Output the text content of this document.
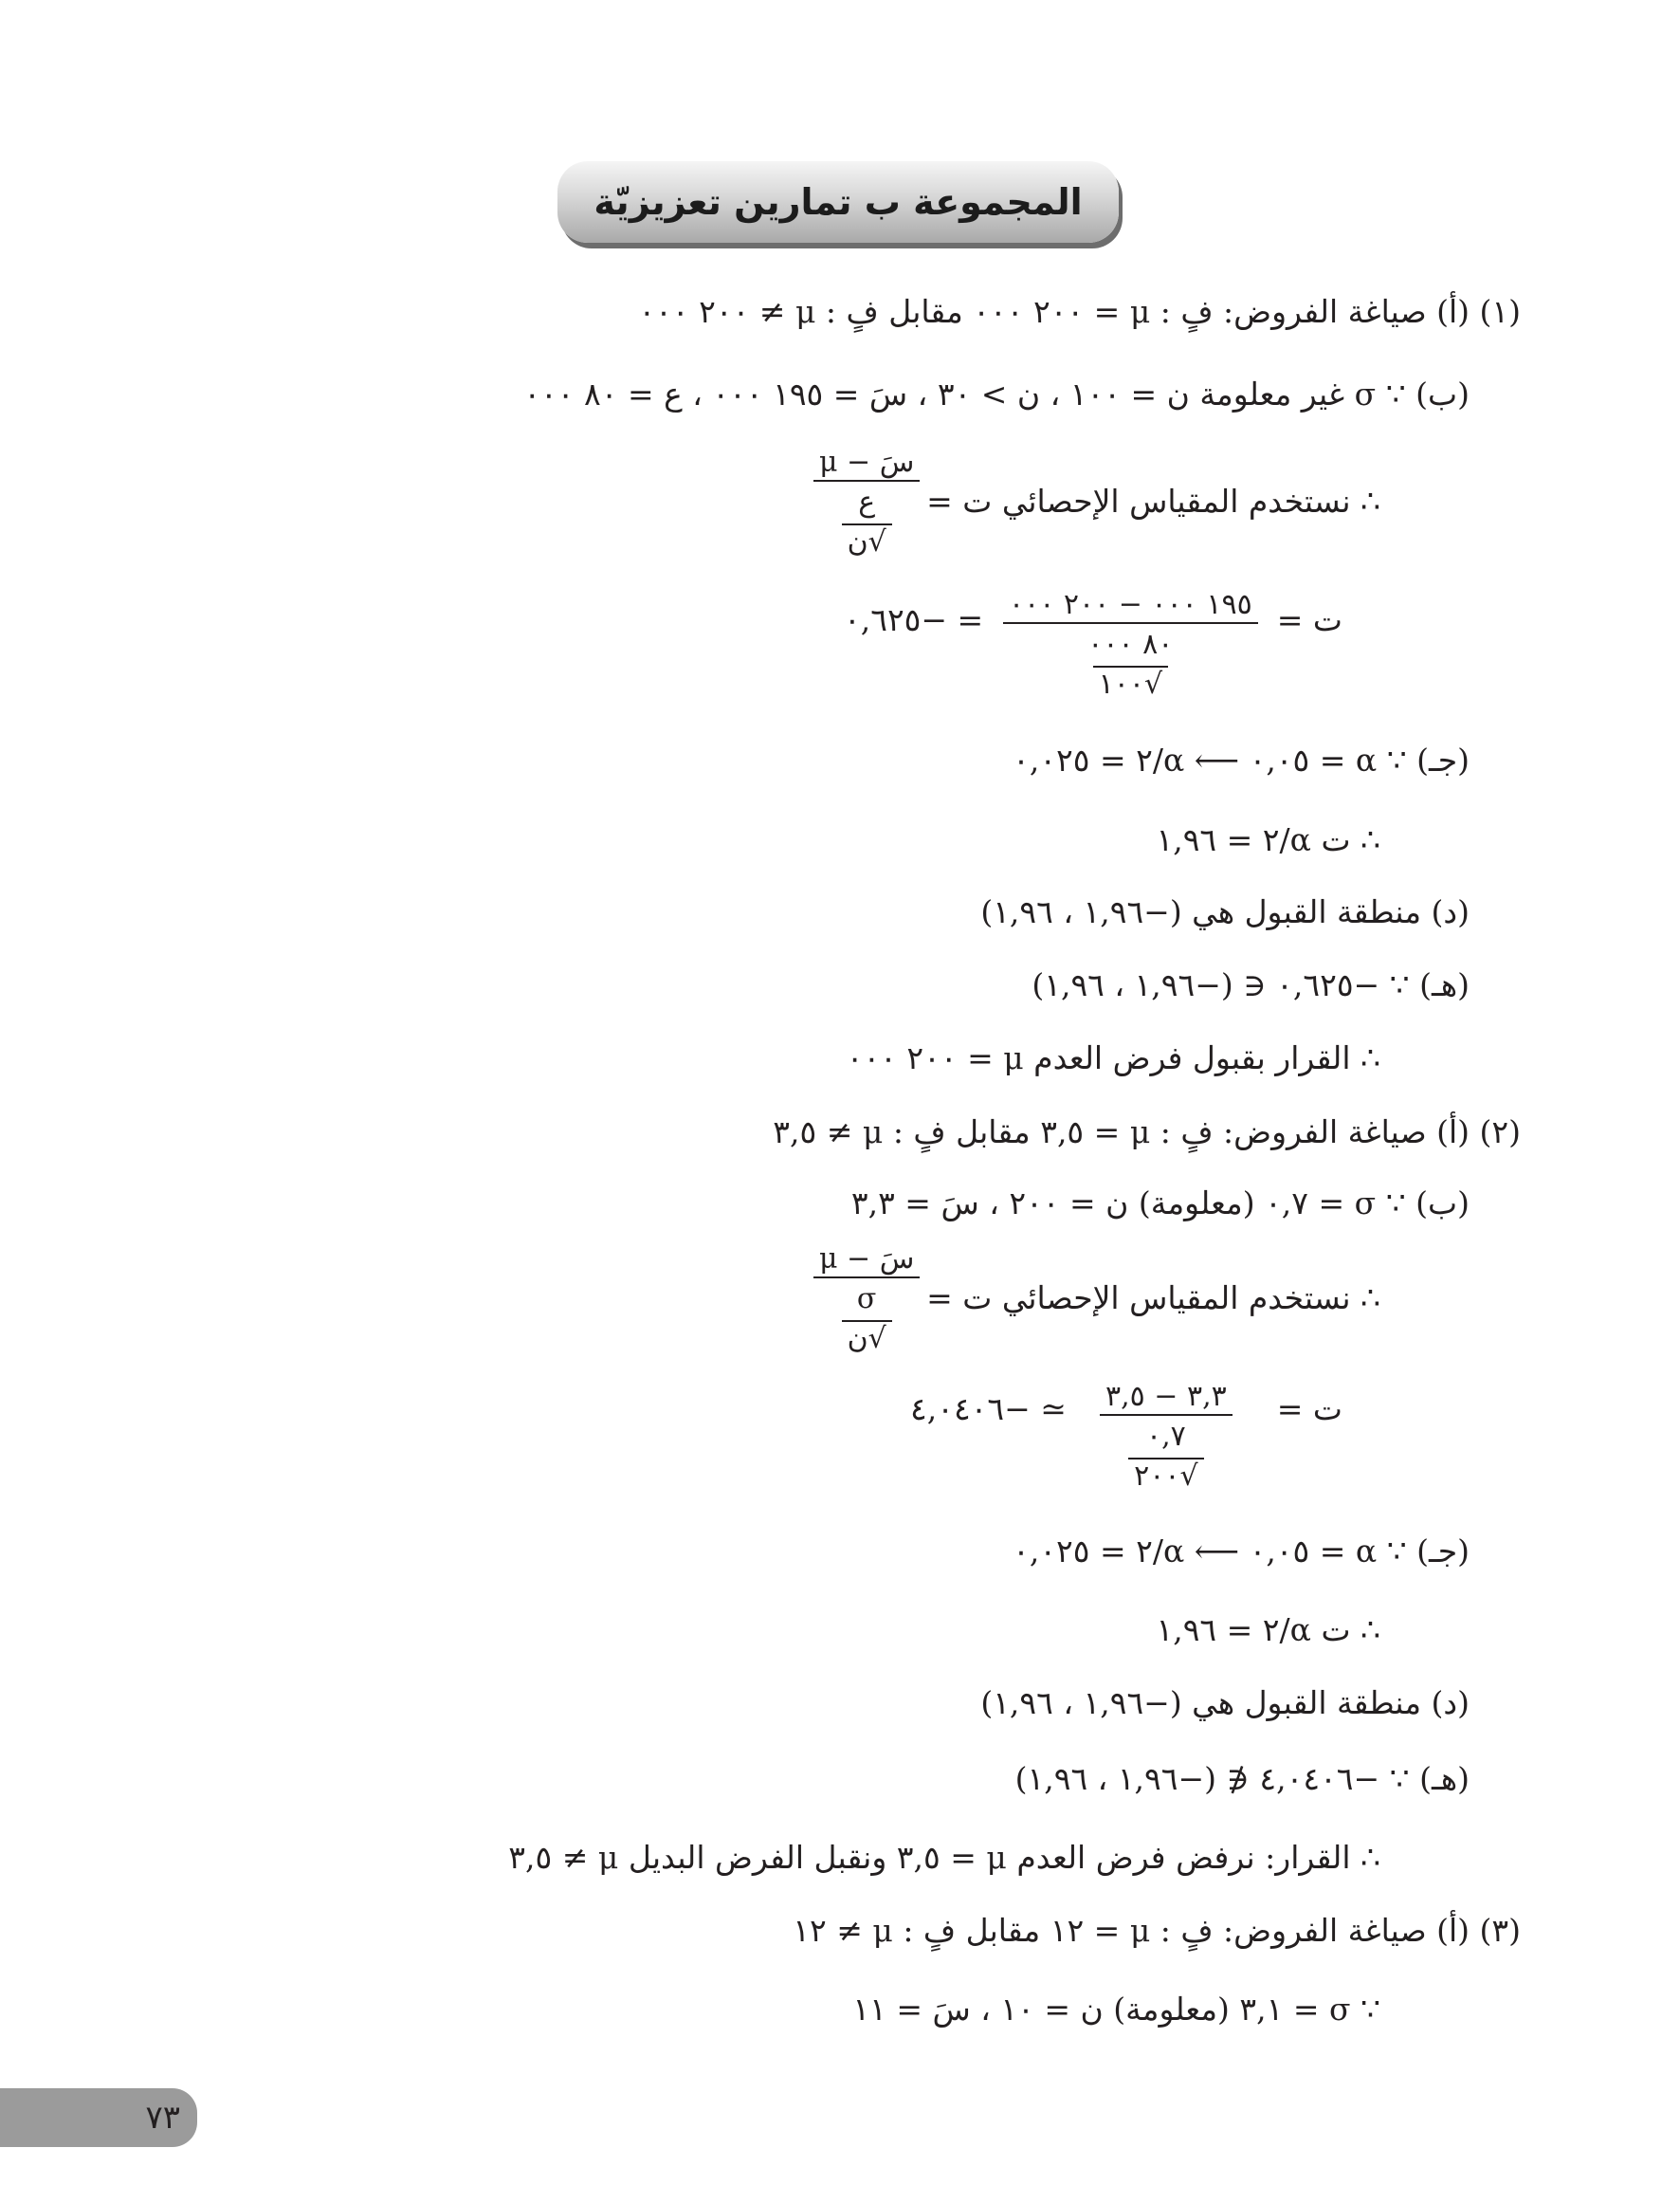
المجموعة ب تمارين تعزيزيّة
(١) (أ) صياغة الفروض: فٍ : μ = ٢٠٠ ٠٠٠ مقابل فٍ : μ ≠ ٢٠٠ ٠٠٠
(ب) ∵ σ غير معلومة ن = ١٠٠ ، ن > ٣٠ ، سَ = ١٩٥ ٠٠٠ ، ع = ٨٠ ٠٠٠
∴ نستخدم المقياس الإحصائي ت =
سَ − μ
ع
√ن
ت =
١٩٥ ٠٠٠ − ٢٠٠ ٠٠٠
٨٠ ٠٠٠
√١٠٠
= −٠,٦٢٥
(جـ) ∵ α = ٠,٠٥ ⟵ α/٢ = ٠,٠٢٥
∴ ت α/٢ = ١,٩٦
(د) منطقة القبول هي (−١,٩٦ ، ١,٩٦)
(هـ) ∵ −٠,٦٢٥ ∈ (−١,٩٦ ، ١,٩٦)
∴ القرار بقبول فرض العدم μ = ٢٠٠ ٠٠٠
(٢) (أ) صياغة الفروض: فٍ : μ = ٣,٥ مقابل فٍ : μ ≠ ٣,٥
(ب) ∵ σ = ٠,٧ (معلومة) ن = ٢٠٠ ، سَ = ٣,٣
∴ نستخدم المقياس الإحصائي ت =
سَ − μ
σ
√ن
ت =
٣,٣ − ٣,٥
٠,٧
√٢٠٠
≃ −٤,٠٤٠٦
(جـ) ∵ α = ٠,٠٥ ⟵ α/٢ = ٠,٠٢٥
∴ ت α/٢ = ١,٩٦
(د) منطقة القبول هي (−١,٩٦ ، ١,٩٦)
(هـ) ∵ −٤,٠٤٠٦ ∉ (−١,٩٦ ، ١,٩٦)
∴ القرار: نرفض فرض العدم μ = ٣,٥ ونقبل الفرض البديل μ ≠ ٣,٥
(٣) (أ) صياغة الفروض: فٍ : μ = ١٢ مقابل فٍ : μ ≠ ١٢
∵ σ = ٣,١ (معلومة) ن = ١٠ ، سَ = ١١
٧٣
